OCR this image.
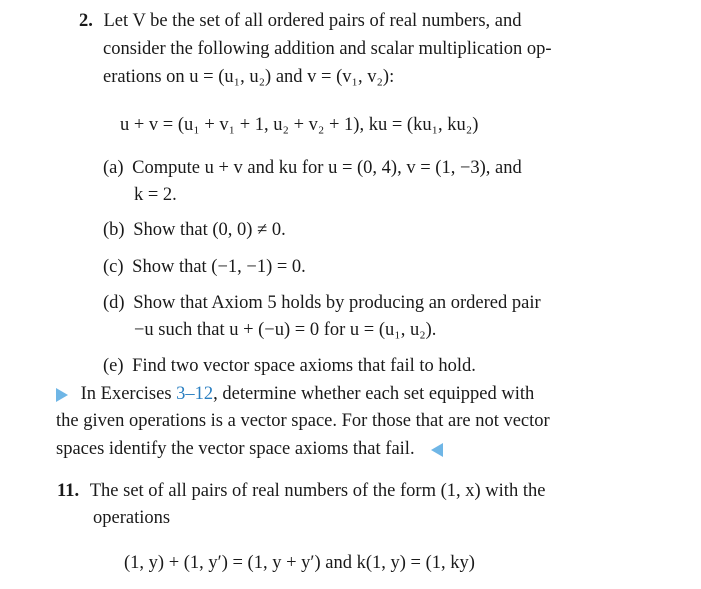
2. Let V be the set of all ordered pairs of real numbers, and
consider the following addition and scalar multiplication op-
erations on u = (u₁, u₂) and v = (v₁, v₂):
u + v = (u₁ + v₁ + 1, u₂ + v₂ + 1), ku = (ku₁, ku₂)
(a) Compute u + v and ku for u = (0, 4), v = (1, −3), and
k = 2.
(b) Show that (0, 0) ≠ 0.
(c) Show that (−1, −1) = 0.
(d) Show that Axiom 5 holds by producing an ordered pair
−u such that u + (−u) = 0 for u = (u₁, u₂).
(e) Find two vector space axioms that fail to hold.
In Exercises 3–12, determine whether each set equipped with
the given operations is a vector space. For those that are not vector
spaces identify the vector space axioms that fail.
11. The set of all pairs of real numbers of the form (1, x) with the
operations
(1, y) + (1, y′) = (1, y + y′) and k(1, y) = (1, ky)
